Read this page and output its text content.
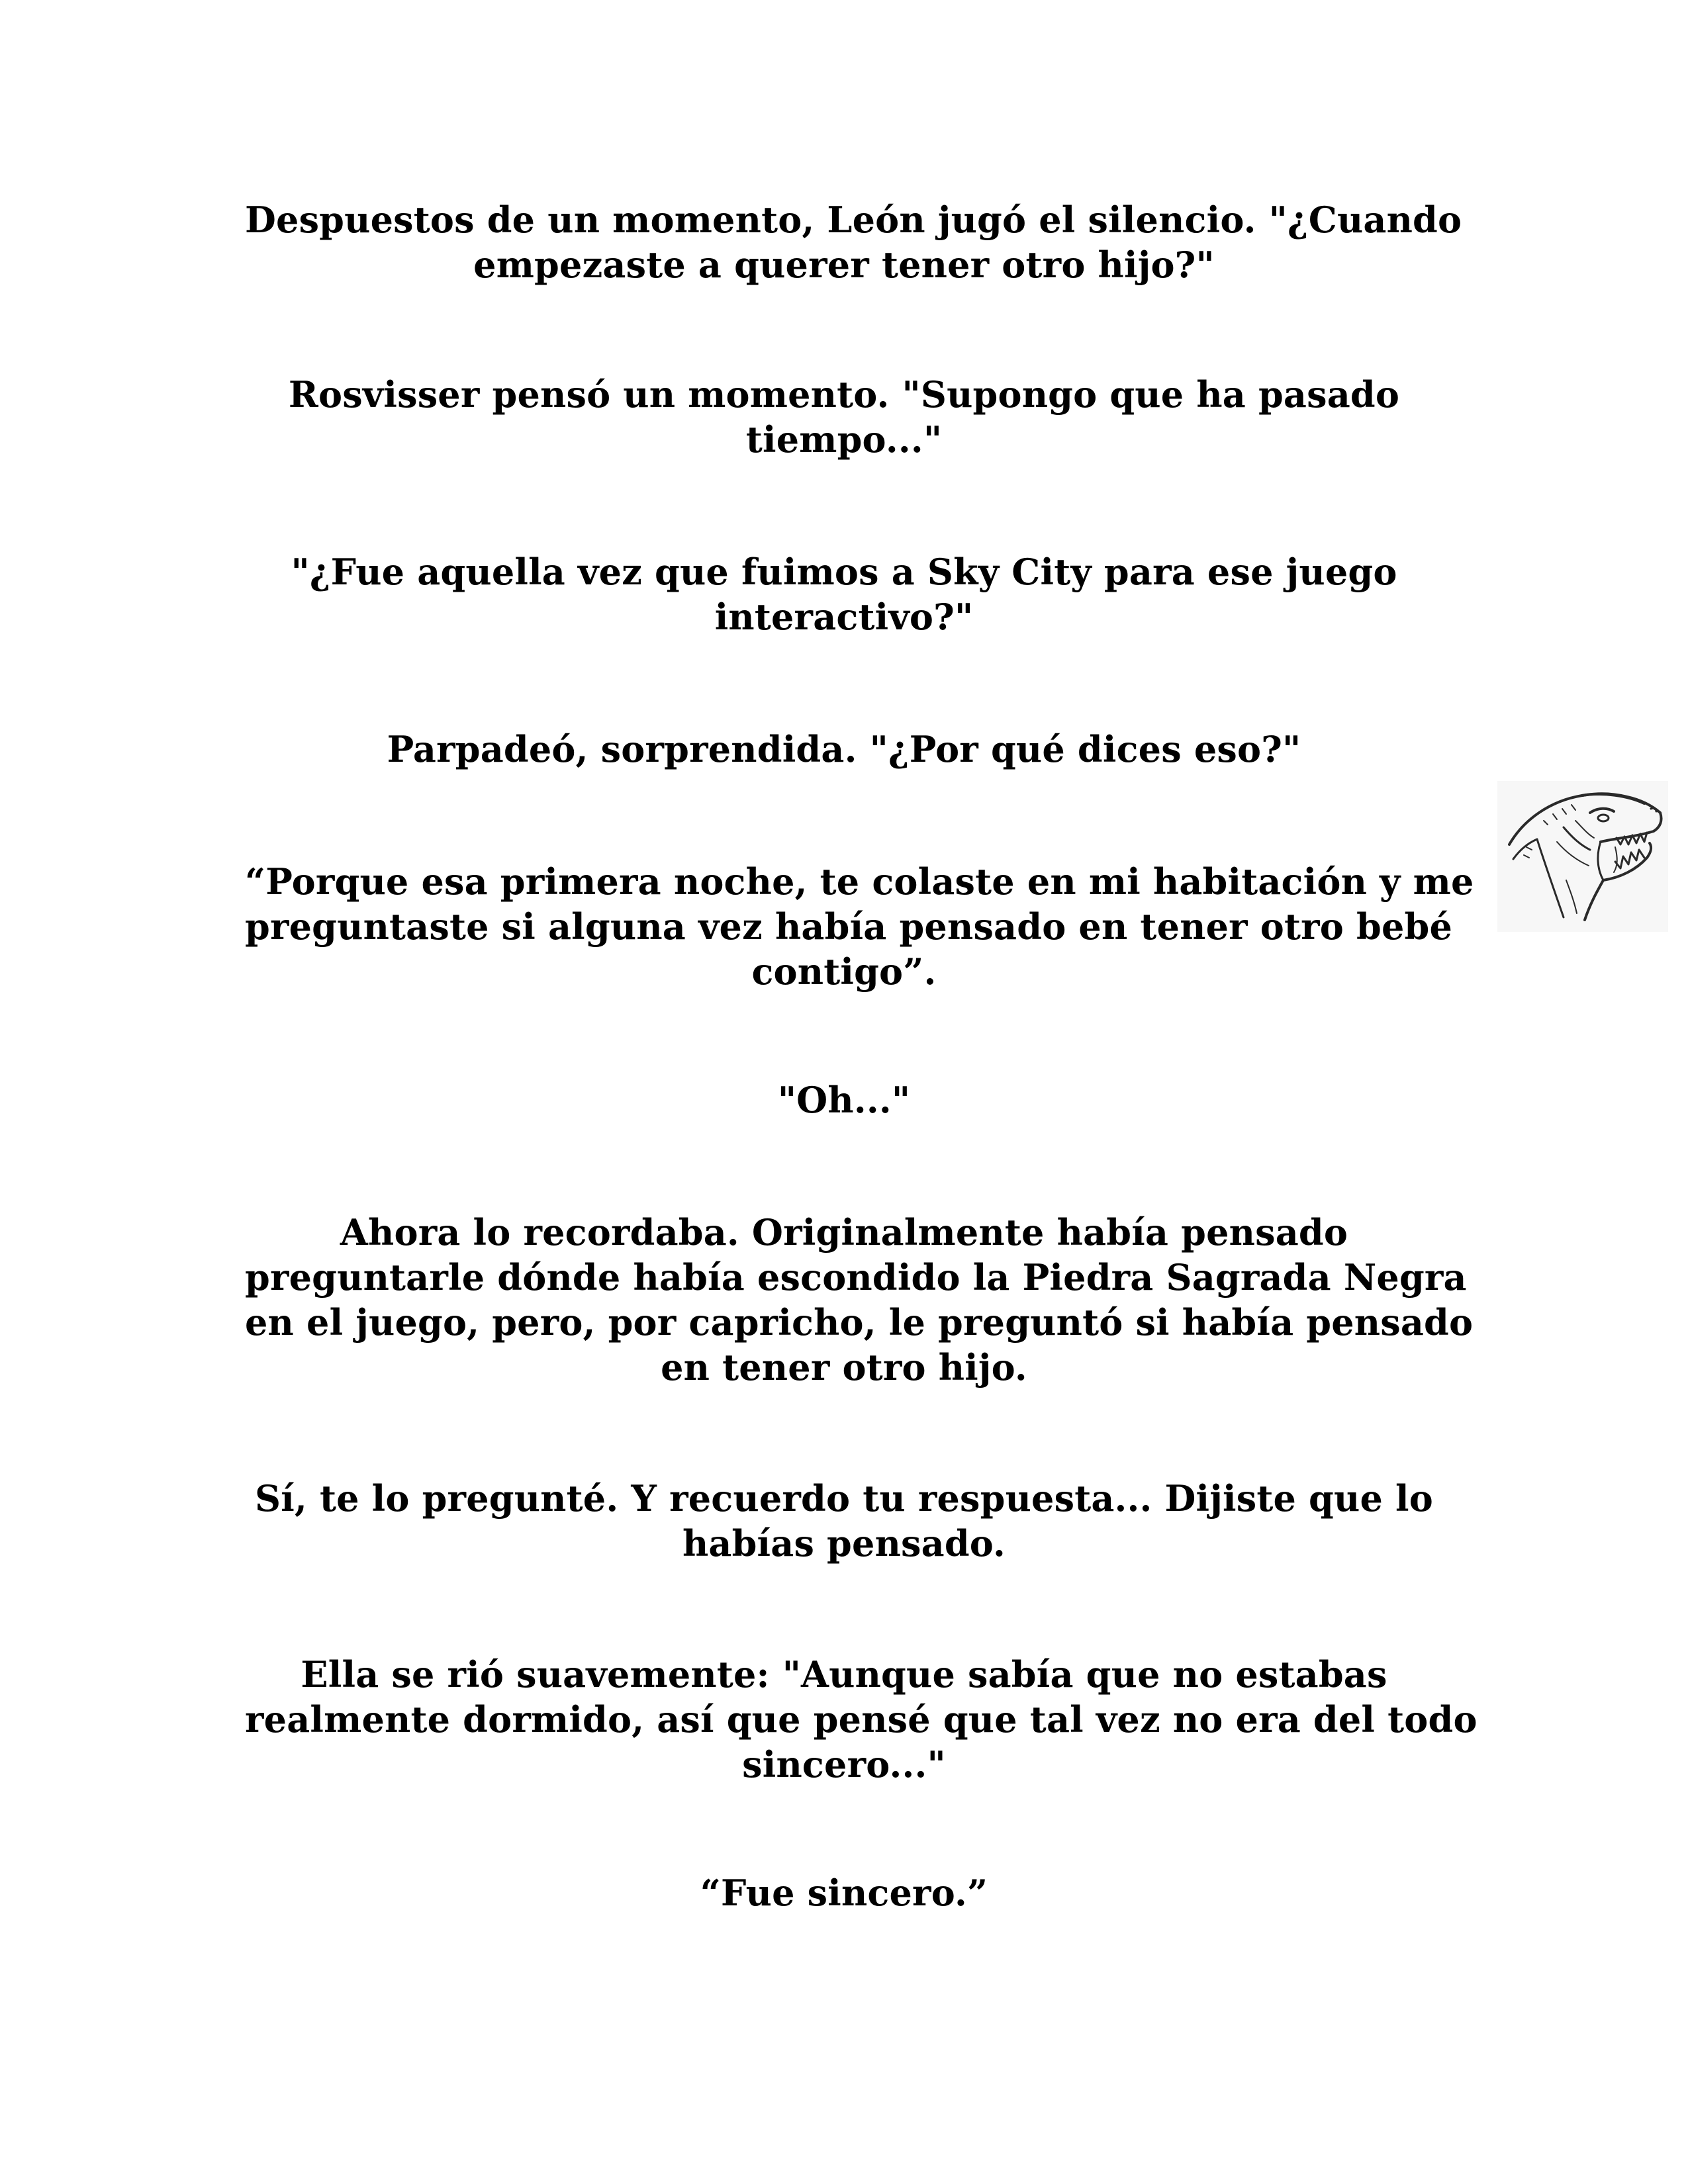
Despuestos de un momento, León jugó el silencio. "¿Cuando
empezaste a querer tener otro hijo?"
Rosvisser pensó un momento. "Supongo que ha pasado
tiempo..."
"¿Fue aquella vez que fuimos a Sky City para ese juego
interactivo?"
Parpadeó, sorprendida. "¿Por qué dices eso?"
“Porque esa primera noche, te colaste en mi habitación y me
preguntaste si alguna vez había pensado en tener otro bebé
contigo”.
"Oh..."
Ahora lo recordaba. Originalmente había pensado
preguntarle dónde había escondido la Piedra Sagrada Negra
en el juego, pero, por capricho, le preguntó si había pensado
en tener otro hijo.
Sí, te lo pregunté. Y recuerdo tu respuesta... Dijiste que lo
habías pensado.
Ella se rió suavemente: "Aunque sabía que no estabas
realmente dormido, así que pensé que tal vez no era del todo
sincero..."
“Fue sincero.”
